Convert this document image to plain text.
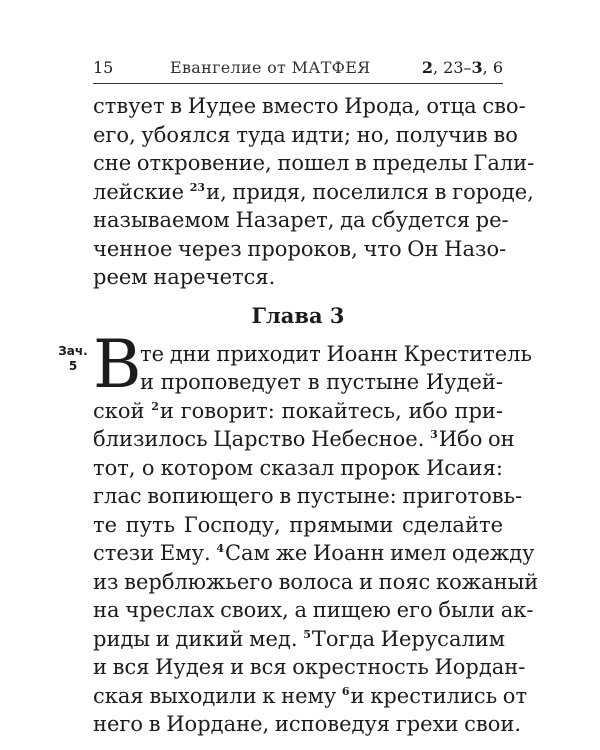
15	Евангелие от МАТФЕЯ	2, 23–3, 6
ствует в Иудее вместо Ирода, отца сво-
его, убоялся туда идти; но, получив во
сне откровение, пошел в пределы Гали-
лейские $^{23}$и, придя, поселился в городе,
называемом Назарет, да сбудется ре-
ченное через пророков, что Он Назо-
реем наречется.
Глава 3
Зач.
5 В
те дни приходит Иоанн Креститель
и проповедует в пустыне Иудей-
ской $^2$и говорит: покайтесь, ибо при-
близилось Царство Небесное. $^3$Ибо он
тот, о котором сказал пророк Исаия:
глас вопиющего в пустыне: приготовь-
те путь Господу, прямыми сделайте
стези Ему. $^4$Сам же Иоанн имел одежду
из верблюжьего волоса и пояс кожаный
на чреслах своих, а пищею его были ак-
риды и дикий мед. $^5$Тогда Иерусалим
и вся Иудея и вся окрестность Иордан-
ская выходили к нему $^6$и крестились от
него в Иордане, исповедуя грехи свои.
